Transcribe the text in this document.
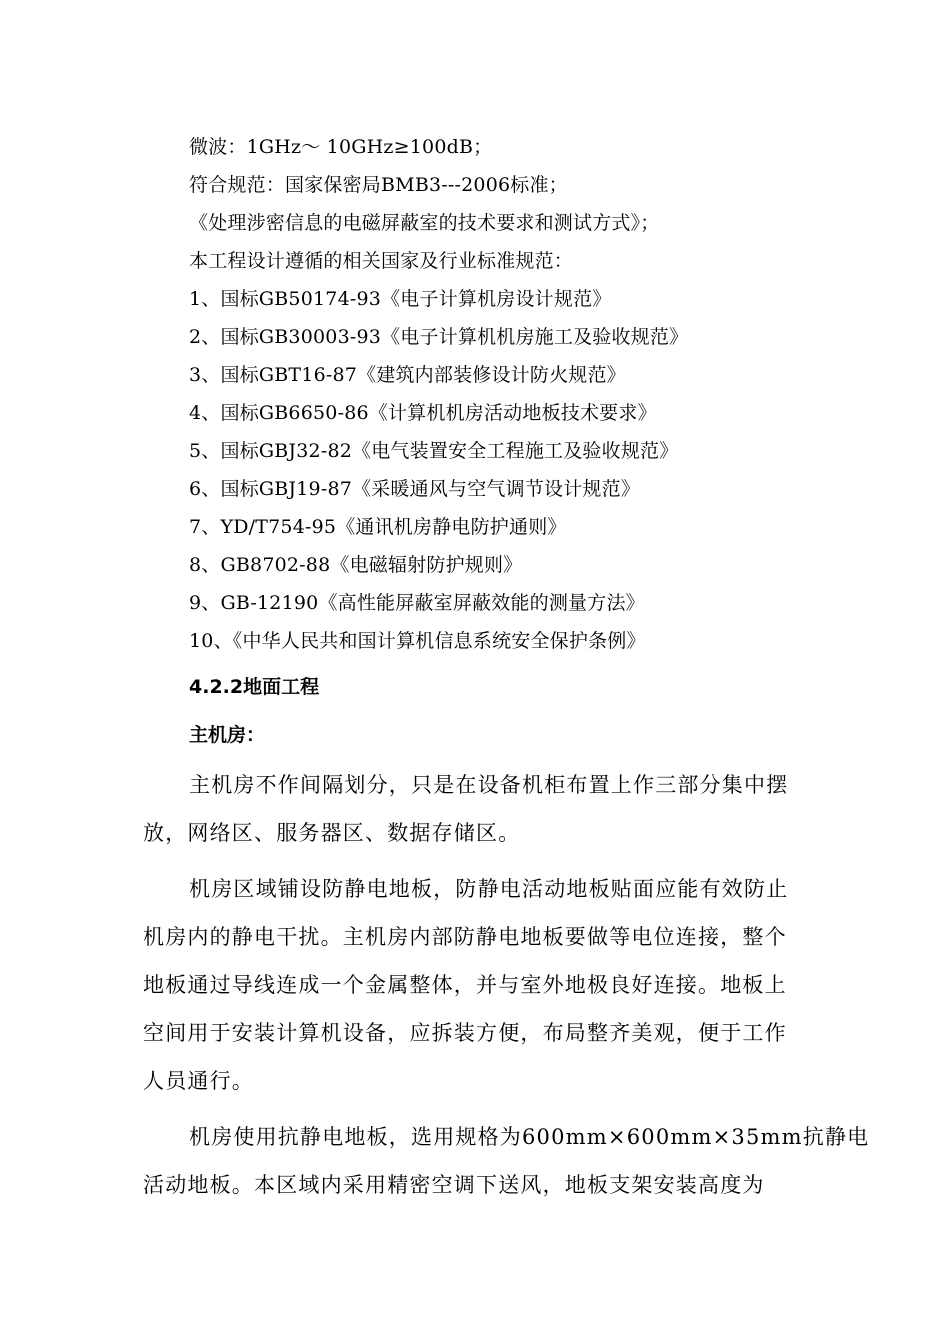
微波：1GHz～ 10GHz≥100dB；
符合规范：国家保密局BMB3---2006标准；
《处理涉密信息的电磁屏蔽室的技术要求和测试方式》；
本工程设计遵循的相关国家及行业标准规范：
1、国标GB50174-93《电子计算机房设计规范》
2、国标GB30003-93《电子计算机机房施工及验收规范》
3、国标GBT16-87《建筑内部装修设计防火规范》
4、国标GB6650-86《计算机机房活动地板技术要求》
5、国标GBJ32-82《电气装置安全工程施工及验收规范》
6、国标GBJ19-87《采暖通风与空气调节设计规范》
7、YD/T754-95《通讯机房静电防护通则》
8、GB8702-88《电磁辐射防护规则》
9、GB-12190《高性能屏蔽室屏蔽效能的测量方法》
10、《中华人民共和国计算机信息系统安全保护条例》
4.2.2地面工程
主机房：
主机房不作间隔划分，只是在设备机柜布置上作三部分集中摆
放，网络区、服务器区、数据存储区。
机房区域铺设防静电地板，防静电活动地板贴面应能有效防止
机房内的静电干扰。主机房内部防静电地板要做等电位连接，整个
地板通过导线连成一个金属整体，并与室外地极良好连接。地板上
空间用于安装计算机设备，应拆装方便，布局整齐美观，便于工作
人员通行。
机房使用抗静电地板，选用规格为600mm×600mm×35mm抗静电
活动地板。本区域内采用精密空调下送风，地板支架安装高度为
